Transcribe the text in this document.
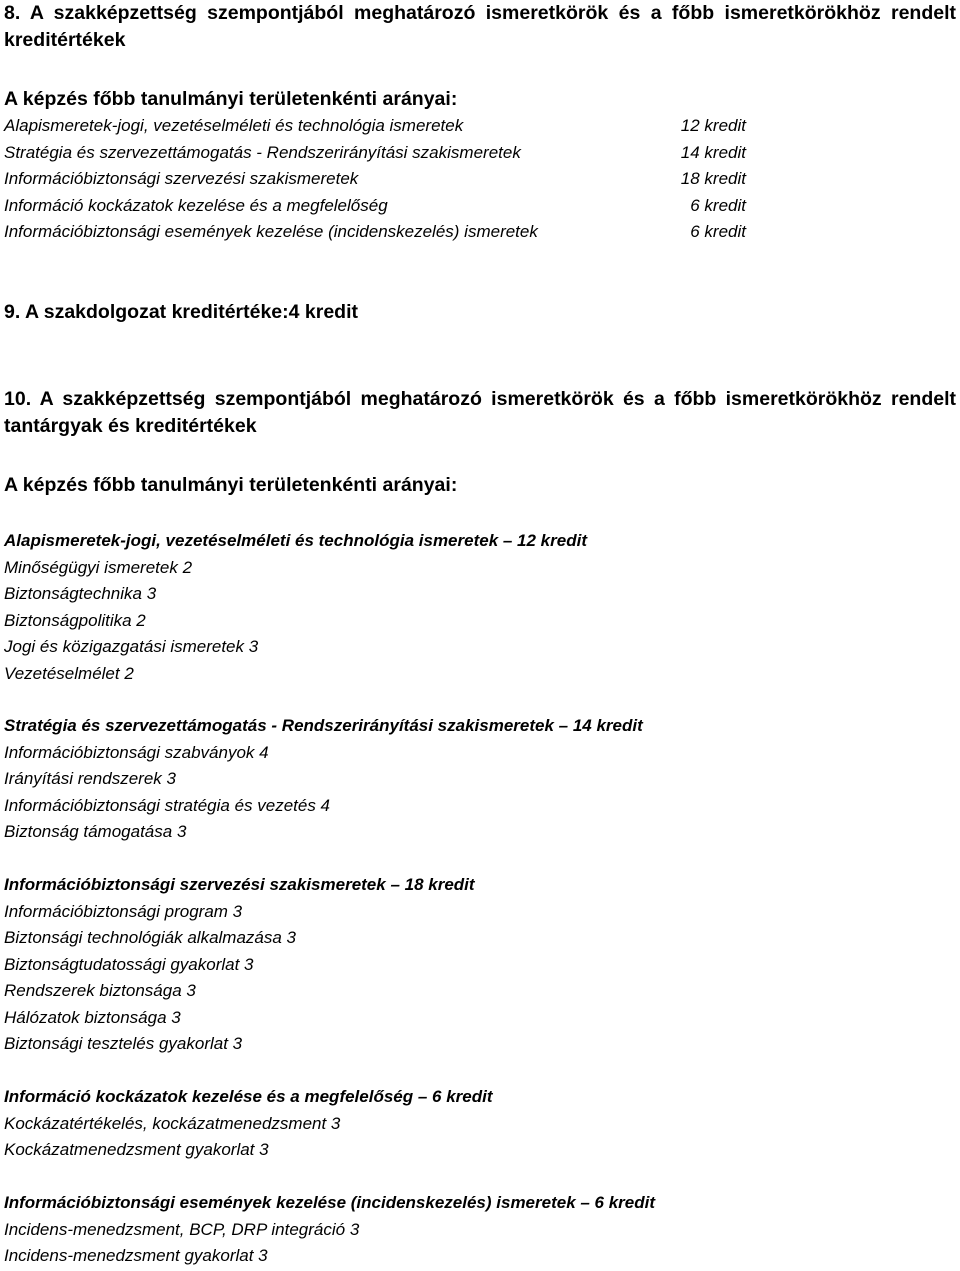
8. A szakképzettség szempontjából meghatározó ismeretkörök és a főbb ismeretkörökhöz rendelt kreditértékek
A képzés főbb tanulmányi területenkénti arányai:
Alapismeretek-jogi, vezetéselméleti és technológia ismeretek	12 kredit
Stratégia és szervezettámogatás - Rendszerirányítási szakismeretek	14 kredit
Információbiztonsági szervezési szakismeretek	18 kredit
Információ kockázatok kezelése és a megfelelőség	6 kredit
Információbiztonsági események kezelése (incidenskezelés) ismeretek	6 kredit
9. A szakdolgozat kreditértéke:4 kredit
10. A szakképzettség szempontjából meghatározó ismeretkörök és a főbb ismeretkörökhöz rendelt tantárgyak és kreditértékek
A képzés főbb tanulmányi területenkénti arányai:
Alapismeretek-jogi, vezetéselméleti és technológia ismeretek – 12 kredit
Minőségügyi ismeretek 2
Biztonságtechnika 3
Biztonságpolitika 2
Jogi és közigazgatási ismeretek 3
Vezetéselmélet 2
Stratégia és szervezettámogatás - Rendszerirányítási szakismeretek – 14 kredit
Információbiztonsági szabványok 4
Irányítási rendszerek 3
Információbiztonsági stratégia és vezetés 4
Biztonság támogatása 3
Információbiztonsági szervezési szakismeretek – 18 kredit
Információbiztonsági program 3
Biztonsági technológiák alkalmazása 3
Biztonságtudatossági gyakorlat 3
Rendszerek biztonsága 3
Hálózatok biztonsága 3
Biztonsági tesztelés gyakorlat 3
Információ kockázatok kezelése és a megfelelőség – 6 kredit
Kockázatértékelés, kockázatmenedzsment 3
Kockázatmenedzsment gyakorlat 3
Információbiztonsági események kezelése (incidenskezelés) ismeretek – 6 kredit
Incidens-menedzsment, BCP, DRP integráció 3
Incidens-menedzsment gyakorlat 3
